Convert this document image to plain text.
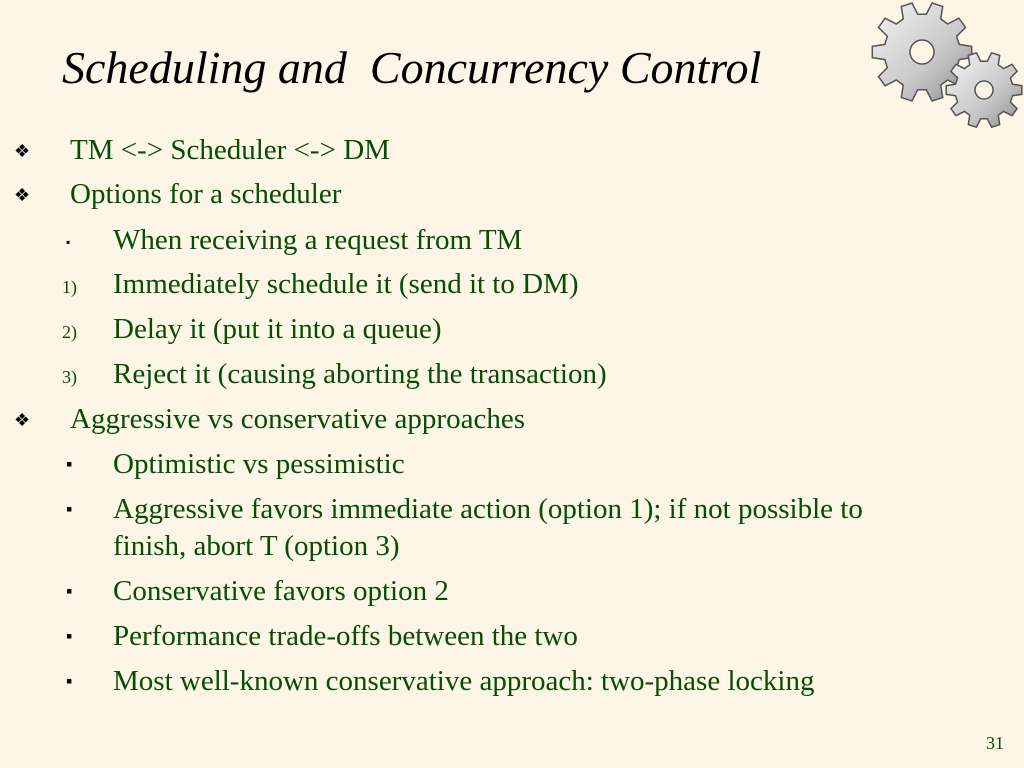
Scheduling and  Concurrency Control
❖ TM <-> Scheduler <-> DM
❖ Options for a scheduler
▪ When receiving a request from TM
1) Immediately schedule it (send it to DM)
2) Delay it (put it into a queue)
3) Reject it (causing aborting the transaction)
❖ Aggressive vs conservative approaches
▪ Optimistic vs pessimistic
▪ Aggressive favors immediate action (option 1); if not possible to finish, abort T (option 3)
▪ Conservative favors option 2
▪ Performance trade-offs between the two
▪ Most well-known conservative approach: two-phase locking
31
